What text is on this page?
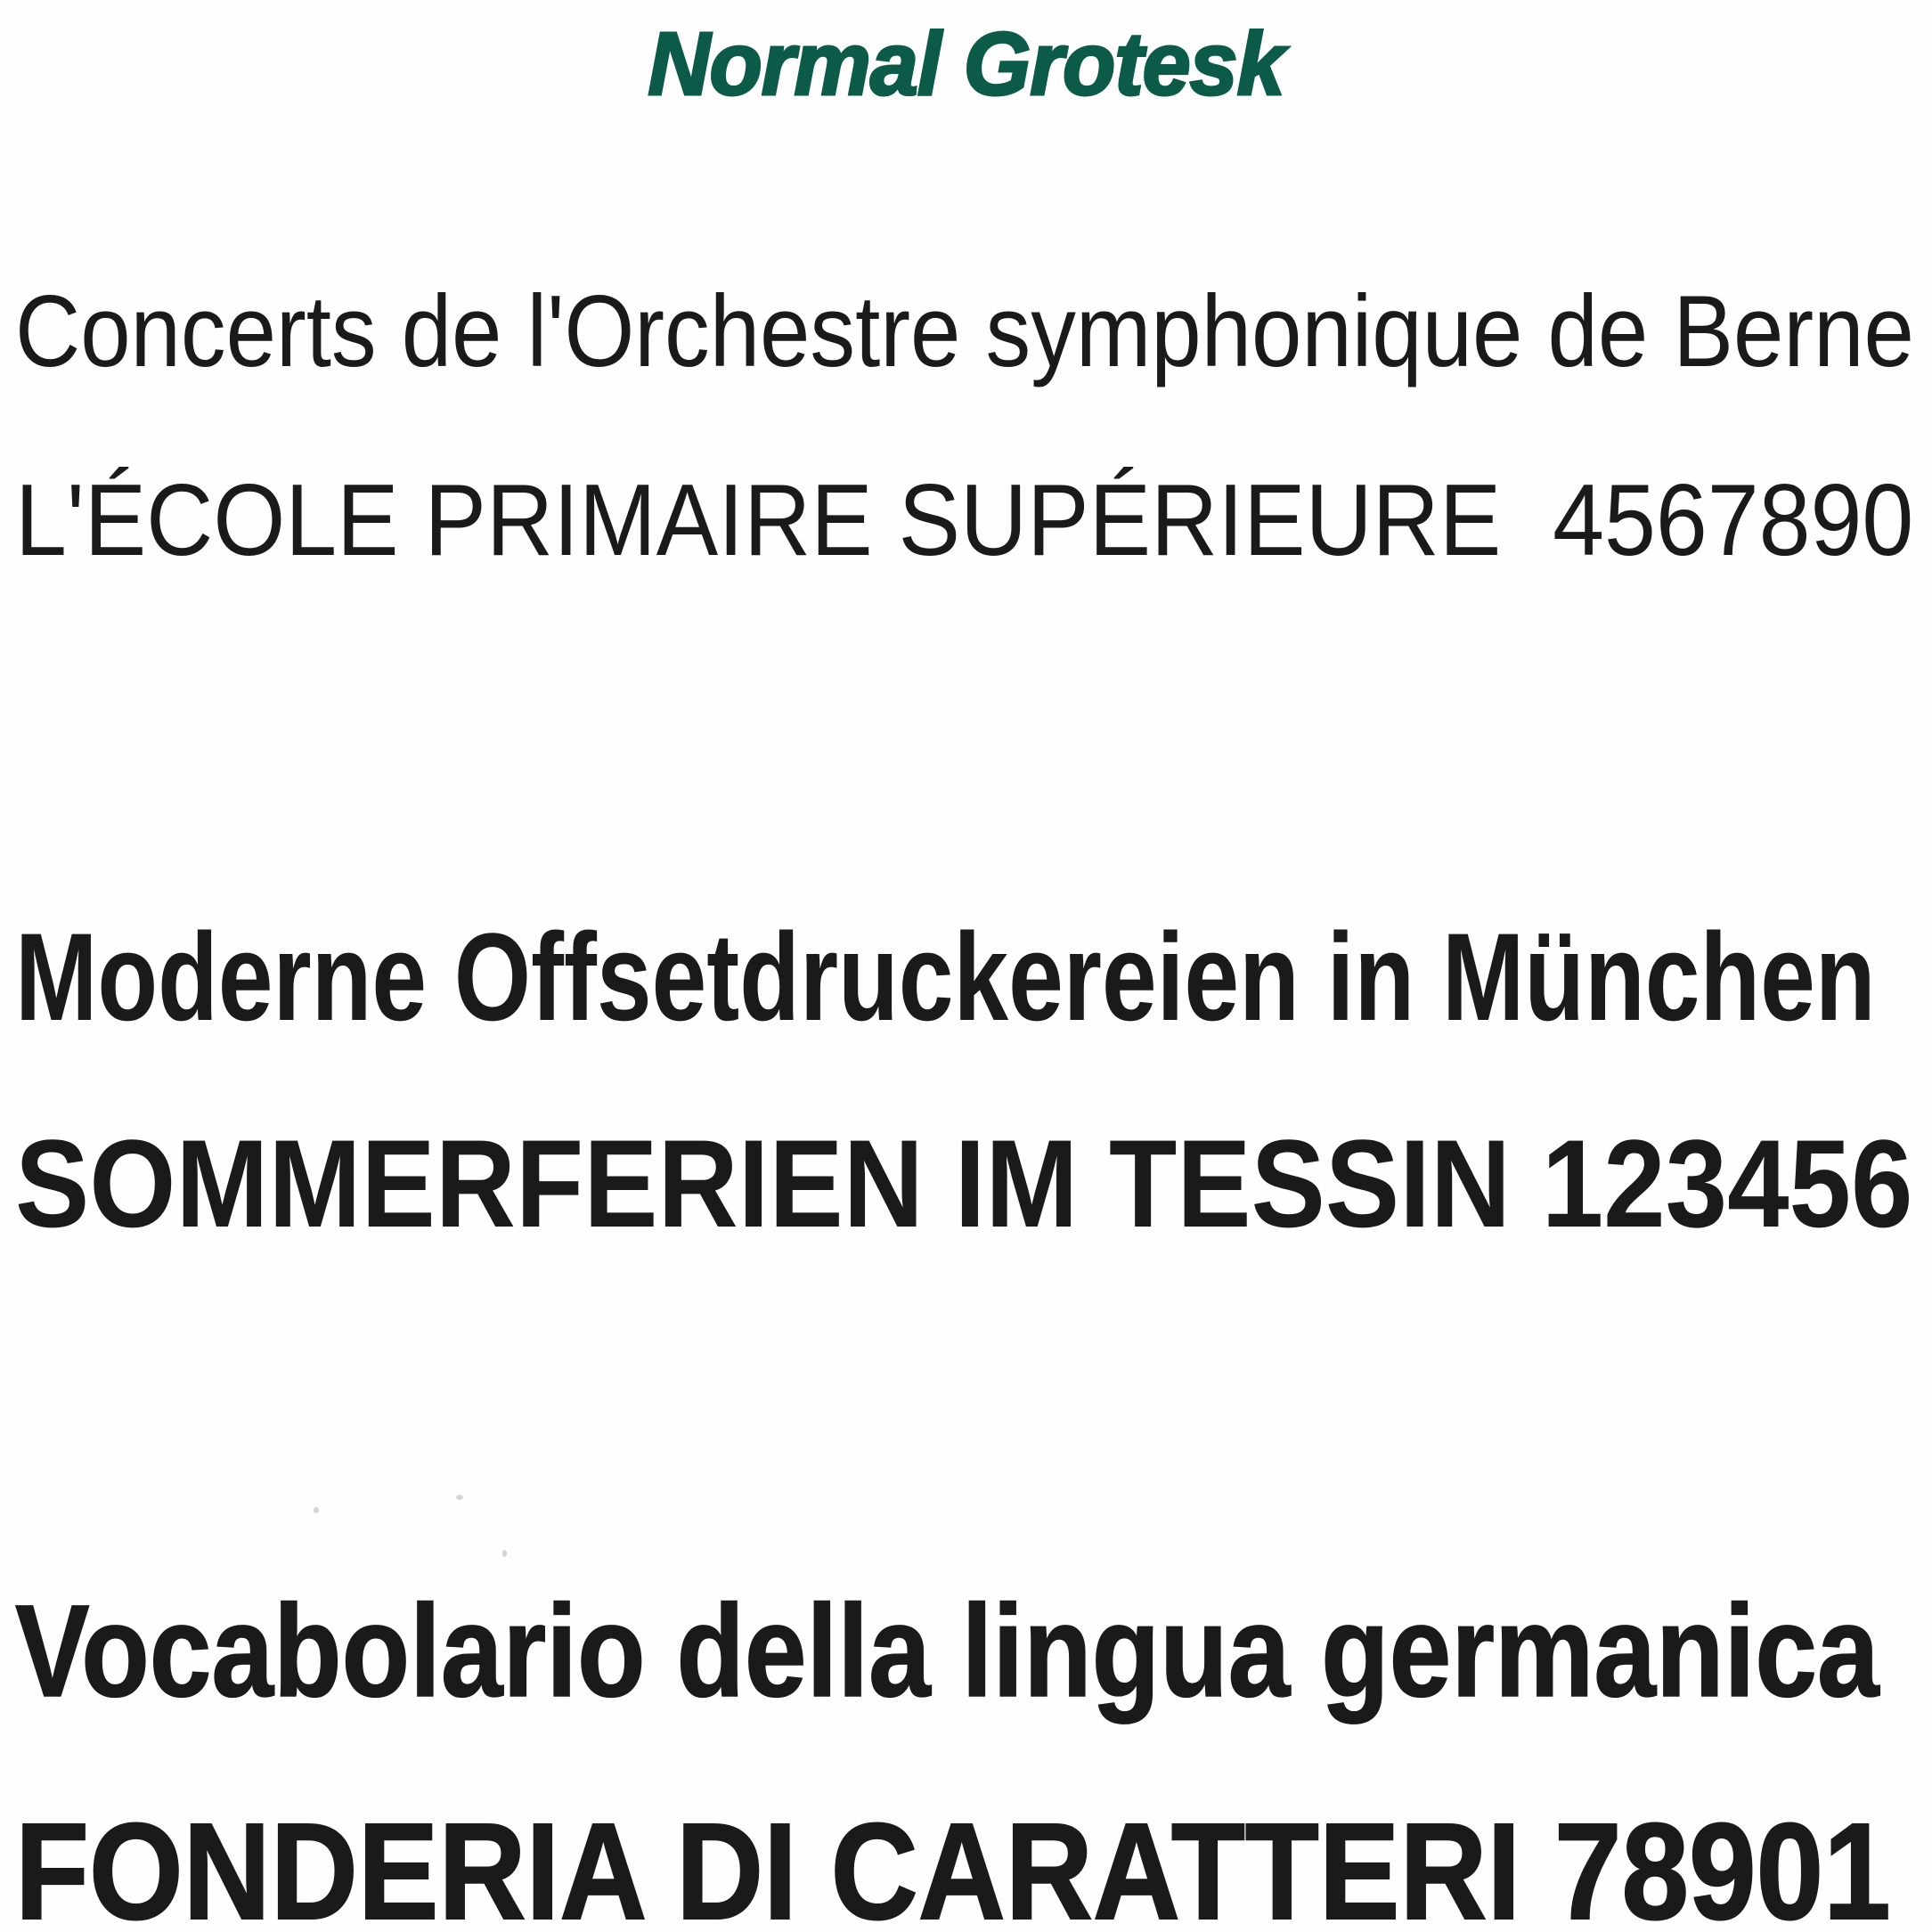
Normal Grotesk
Concerts de l'Orchestre symphonique de Berne
L'ÉCOLE PRIMAIRE SUPÉRIEURE  4567890
Moderne Offsetdruckereien in München
SOMMERFERIEN IM TESSIN 123456
Vocabolario della lingua germanica
FONDERIA DI CARATTERI 78901
